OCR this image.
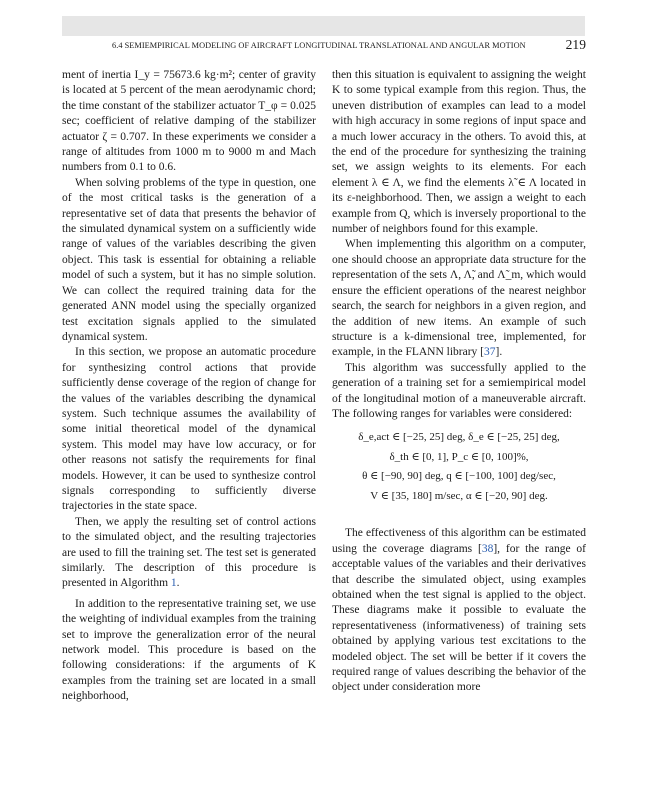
6.4 SEMIEMPIRICAL MODELING OF AIRCRAFT LONGITUDINAL TRANSLATIONAL AND ANGULAR MOTION	219

ment of inertia I_y = 75673.6 kg·m²; center of gravity is located at 5 percent of the mean aerodynamic chord; the time constant of the stabilizer actuator T_φ = 0.025 sec; coefficient of relative damping of the stabilizer actuator ζ = 0.707. In these experiments we consider a range of altitudes from 1000 m to 9000 m and Mach numbers from 0.1 to 0.6.

When solving problems of the type in question, one of the most critical tasks is the generation of a representative set of data that presents the behavior of the simulated dynamical system on a sufficiently wide range of values of the variables describing the given object. This task is essential for obtaining a reliable model of such a system, but it has no simple solution. We can collect the required training data for the generated ANN model using the specially organized test excitation signals applied to the simulated dynamical system.

In this section, we propose an automatic procedure for synthesizing control actions that provide sufficiently dense coverage of the region of change for the values of the variables describing the dynamical system. Such technique assumes the availability of some initial theoretical model of the dynamical system. This model may have low accuracy, or for other reasons not satisfy the requirements for final models. However, it can be used to synthesize control signals corresponding to sufficiently diverse trajectories in the state space.

Then, we apply the resulting set of control actions to the simulated object, and the resulting trajectories are used to fill the training set. The test set is generated similarly. The description of this procedure is presented in Algorithm 1.

In addition to the representative training set, we use the weighting of individual examples from the training set to improve the generalization error of the neural network model. This procedure is based on the following considerations: if the arguments of K examples from the training set are located in a small neighborhood,

then this situation is equivalent to assigning the weight K to some typical example from this region. Thus, the uneven distribution of examples can lead to a model with high accuracy in some regions of input space and a much lower accuracy in the others. To avoid this, at the end of the procedure for synthesizing the training set, we assign weights to its elements. For each element λ ∈ Λ, we find the elements λ̃ ∈ Λ located in its ε-neighborhood. Then, we assign a weight to each example from Q, which is inversely proportional to the number of neighbors found for this example.

When implementing this algorithm on a computer, one should choose an appropriate data structure for the representation of the sets Λ, Λ̃, and Λ̃_m, which would ensure the efficient operations of the nearest neighbor search, the search for neighbors in a given region, and the addition of new items. An example of such structure is a k-dimensional tree, implemented, for example, in the FLANN library [37].

This algorithm was successfully applied to the generation of a training set for a semiempirical model of the longitudinal motion of a maneuverable aircraft. The following ranges for variables were considered:

δ_e,act ∈ [−25, 25] deg, δ_e ∈ [−25, 25] deg,
δ_th ∈ [0, 1], P_c ∈ [0, 100]%,
θ ∈ [−90, 90] deg, q ∈ [−100, 100] deg/sec,
V ∈ [35, 180] m/sec, α ∈ [−20, 90] deg.

The effectiveness of this algorithm can be estimated using the coverage diagrams [38], for the range of acceptable values of the variables and their derivatives that describe the simulated object, using examples obtained when the test signal is applied to the object. These diagrams make it possible to evaluate the representativeness (informativeness) of training sets obtained by applying various test excitations to the modeled object. The set will be better if it covers the required range of values describing the behavior of the object under consideration more
